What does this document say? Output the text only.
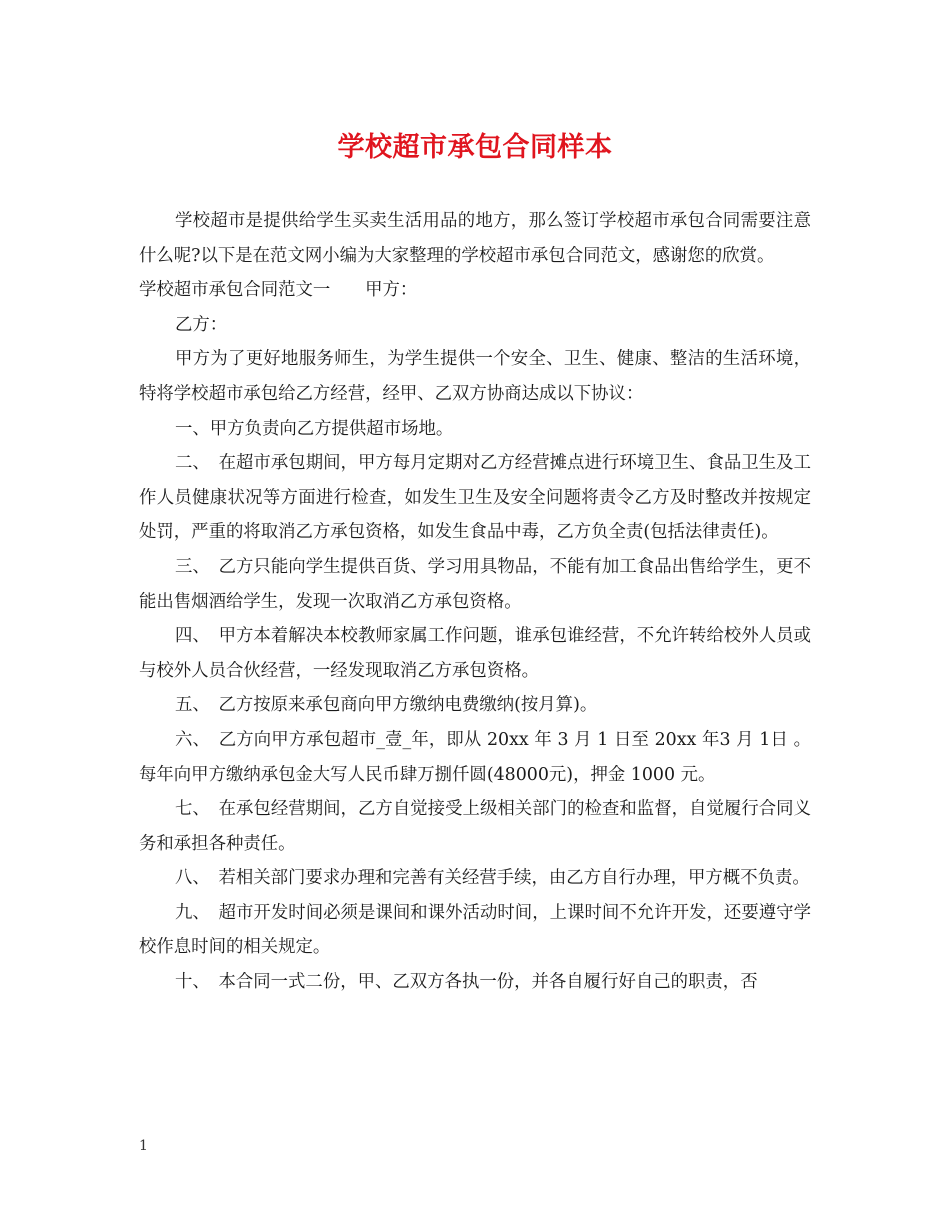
学校超市承包合同样本

学校超市是提供给学生买卖生活用品的地方，那么签订学校超市承包合同需要注意什么呢?以下是在范文网小编为大家整理的学校超市承包合同范文，感谢您的欣赏。

学校超市承包合同范文一　　甲方：

乙方：

甲方为了更好地服务师生，为学生提供一个安全、卫生、健康、整洁的生活环境，特将学校超市承包给乙方经营，经甲、乙双方协商达成以下协议：

一、甲方负责向乙方提供超市场地。

二、　在超市承包期间，甲方每月定期对乙方经营摊点进行环境卫生、食品卫生及工作人员健康状况等方面进行检查，如发生卫生及安全问题将责令乙方及时整改并按规定处罚，严重的将取消乙方承包资格，如发生食品中毒，乙方负全责(包括法律责任)。

三、　乙方只能向学生提供百货、学习用具物品，不能有加工食品出售给学生，更不能出售烟酒给学生，发现一次取消乙方承包资格。

四、　甲方本着解决本校教师家属工作问题，谁承包谁经营，不允许转给校外人员或与校外人员合伙经营，一经发现取消乙方承包资格。

五、　乙方按原来承包商向甲方缴纳电费缴纳(按月算)。

六、　乙方向甲方承包超市_壹_年，即从 20xx 年 3 月 1 日至 20xx 年3 月 1日 。每年向甲方缴纳承包金大写人民币肆万捌仟圆(48000元)，押金 1000 元。

七、　在承包经营期间，乙方自觉接受上级相关部门的检查和监督，自觉履行合同义务和承担各种责任。

八、　若相关部门要求办理和完善有关经营手续，由乙方自行办理，甲方概不负责。

九、　超市开发时间必须是课间和课外活动时间，上课时间不允许开发，还要遵守学校作息时间的相关规定。

十、　本合同一式二份，甲、乙双方各执一份，并各自履行好自己的职责，否

1
